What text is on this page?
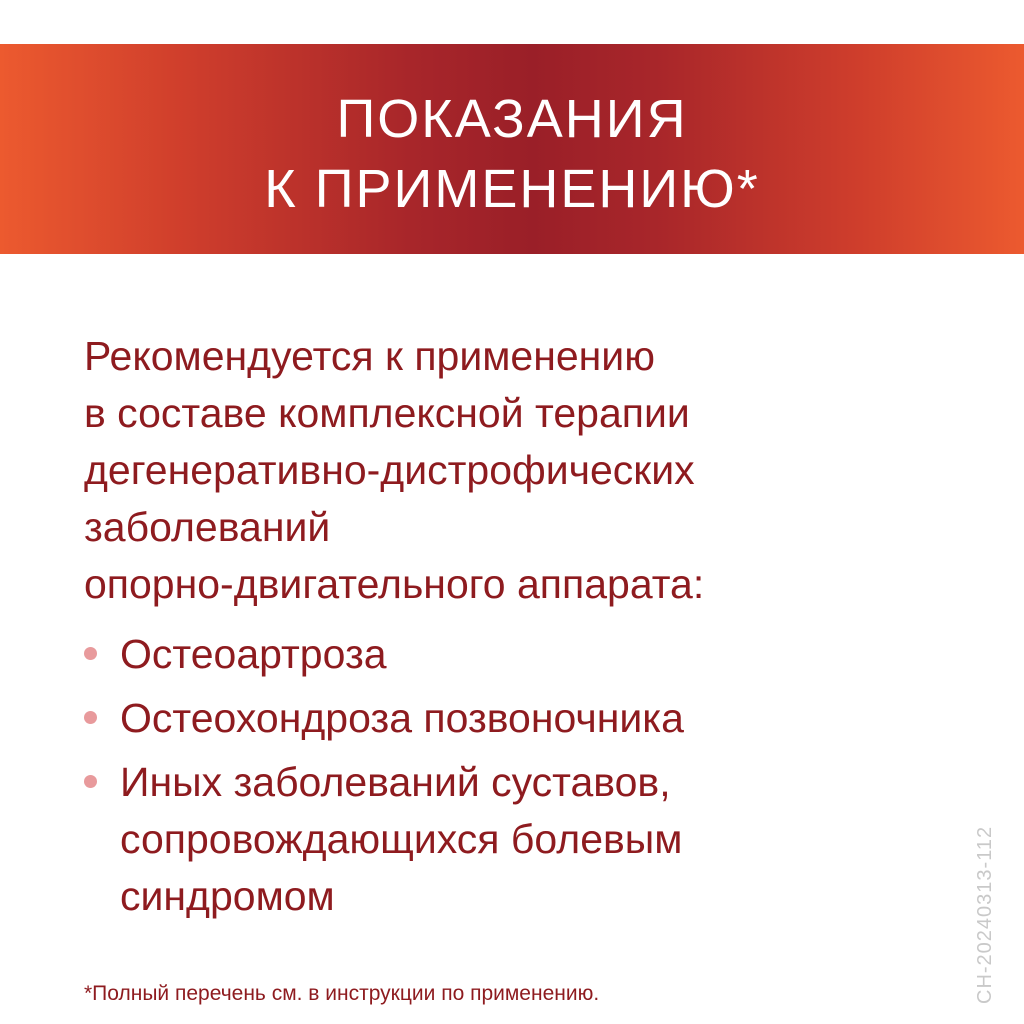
ПОКАЗАНИЯ
К ПРИМЕНЕНИЮ*

Рекомендуется к применению
в составе комплексной терапии
дегенеративно-дистрофических
заболеваний
опорно-двигательного аппарата:

Остеоартроза
Остеохондроза позвоночника
Иных заболеваний суставов,
сопровождающихся болевым
синдромом

*Полный перечень см. в инструкции по применению.	СН-20240313-112
